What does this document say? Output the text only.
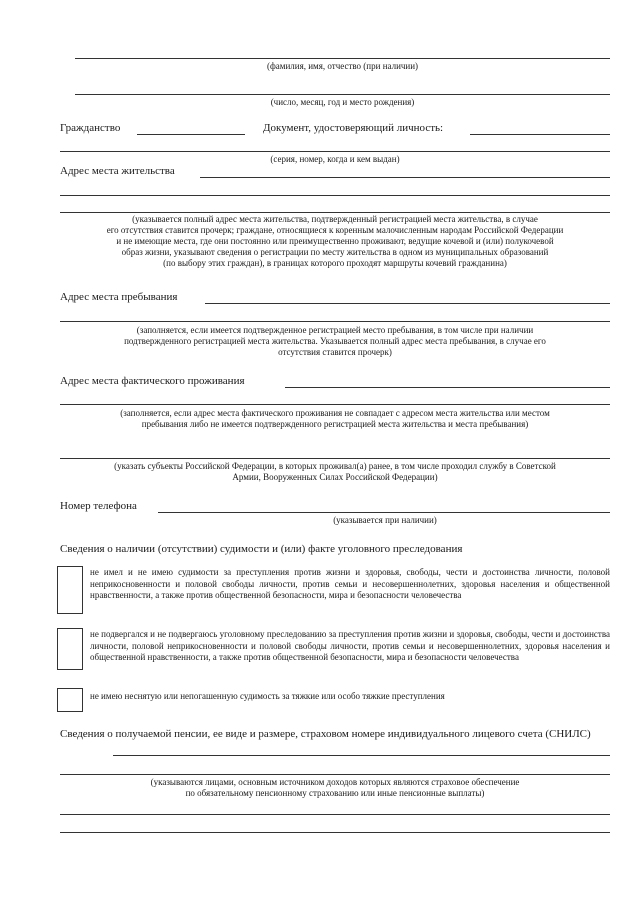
(фамилия, имя, отчество (при наличии)
(число, месяц, год и место рождения)
Гражданство	Документ, удостоверяющий личность:
(серия, номер, когда и кем выдан)
Адрес места жительства
(указывается полный адрес места жительства, подтвержденный регистрацией места жительства, в случае
его отсутствия ставится прочерк; граждане, относящиеся к коренным малочисленным народам Российской Федерации
и не имеющие места, где они постоянно или преимущественно проживают, ведущие кочевой и (или) полукочевой
образ жизни, указывают сведения о регистрации по месту жительства в одном из муниципальных образований
(по выбору этих граждан), в границах которого проходят маршруты кочевий гражданина)
Адрес места пребывания
(заполняется, если имеется подтвержденное регистрацией место пребывания, в том числе при наличии
подтвержденного регистрацией места жительства. Указывается полный адрес места пребывания, в случае его
отсутствия ставится прочерк)
Адрес места фактического проживания
(заполняется, если адрес места фактического проживания не совпадает с адресом места жительства или местом
пребывания либо не имеется подтвержденного регистрацией места жительства и места пребывания)
(указать субъекты Российской Федерации, в которых проживал(а) ранее, в том числе проходил службу в Советской
Армии, Вооруженных Силах Российской Федерации)
Номер телефона
(указывается при наличии)
Сведения о наличии (отсутствии) судимости и (или) факте уголовного преследования
не имел и не имею судимости за преступления против жизни и здоровья, свободы, чести и достоинства личности, половой неприкосновенности и половой свободы личности, против семьи и несовершеннолетних, здоровья населения и общественной нравственности, а также против общественной безопасности, мира и безопасности человечества
не подвергался и не подвергаюсь уголовному преследованию за преступления против жизни и здоровья, свободы, чести и достоинства личности, половой неприкосновенности и половой свободы личности, против семьи и несовершеннолетних, здоровья населения и общественной нравственности, а также против общественной безопасности, мира и безопасности человечества
не имею неснятую или непогашенную судимость за тяжкие или особо тяжкие преступления
Сведения о получаемой пенсии, ее виде и размере, страховом номере индивидуального лицевого счета (СНИЛС)
(указываются лицами, основным источником доходов которых являются страховое обеспечение
по обязательному пенсионному страхованию или иные пенсионные выплаты)
